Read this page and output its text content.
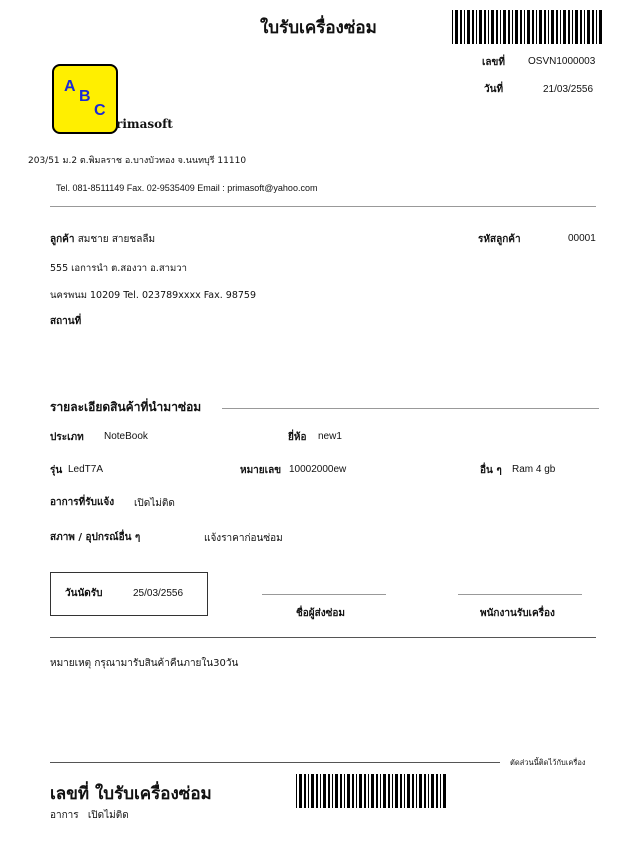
ใบรับเครื่องซ่อม
เลขที่ OSVN1000003
วันที่	21/03/2556
A
B
C
rimasoft
203/51 ม.2 ต.พิมลราช อ.บางบัวทอง จ.นนทบุรี 11110
Tel. 081-8511149 Fax. 02-9535409 Email : primasoft@yahoo.com
ลูกค้า สมชาย สายชลลืม	รหัสลูกค้า	00001
555 เอการนำ ต.สองวา อ.สามวา
นครพนม 10209 Tel. 023789xxxx Fax. 98759
สถานที่
รายละเอียดสินค้าที่นำมาซ่อม
ประเภท NoteBook	ยี่ห้อ new1
รุ่น LedT7A	หมายเลข 10002000ew	อื่น ๆ Ram 4 gb
อาการที่รับแจ้ง เปิดไม่ติด
สภาพ / อุปกรณ์อื่น ๆ	แจ้งราคาก่อนซ่อม
วันนัดรับ	25/03/2556
ชื่อผู้ส่งซ่อม	พนักงานรับเครื่อง
หมายเหตุ กรุณามารับสินค้าคืนภายใน30วัน
ตัดส่วนนี้ติดไว้กับเครื่อง
เลขที่ ใบรับเครื่องซ่อม
อาการ เปิดไม่ติด
